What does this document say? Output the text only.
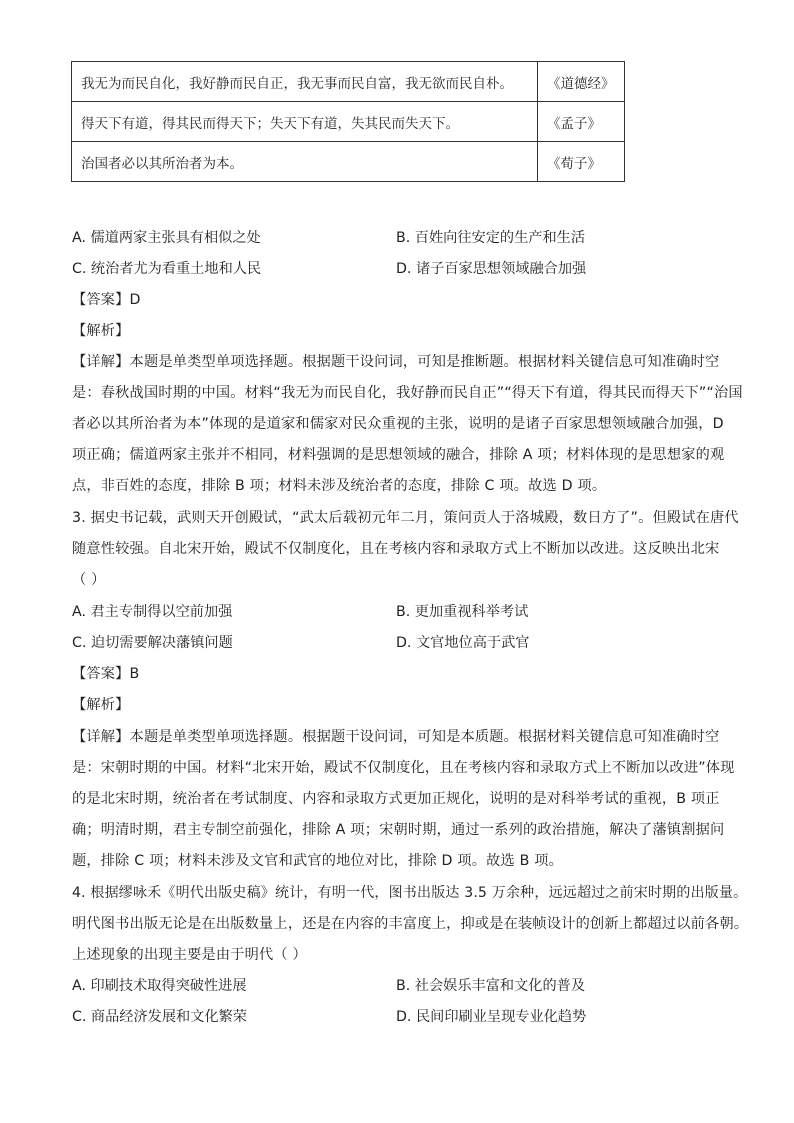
我无为而民自化，我好静而民自正，我无事而民自富，我无欲而民自朴。	《道德经》
得天下有道，得其民而得天下；失天下有道，失其民而失天下。	《孟子》
治国者必以其所治者为本。	《荀子》
A. 儒道两家主张具有相似之处	B. 百姓向往安定的生产和生活
C. 统治者尤为看重土地和人民	D. 诸子百家思想领域融合加强
【答案】D
【解析】
【详解】本题是单类型单项选择题。根据题干设问词，可知是推断题。根据材料关键信息可知准确时空
是：春秋战国时期的中国。材料“我无为而民自化，我好静而民自正”“得天下有道，得其民而得天下”“治国
者必以其所治者为本”体现的是道家和儒家对民众重视的主张，说明的是诸子百家思想领域融合加强，D
项正确；儒道两家主张并不相同，材料强调的是思想领域的融合，排除 A 项；材料体现的是思想家的观
点，非百姓的态度，排除 B 项；材料未涉及统治者的态度，排除 C 项。故选 D 项。
3. 据史书记载，武则天开创殿试，“武太后载初元年二月，策问贡人于洛城殿，数日方了”。但殿试在唐代
随意性较强。自北宋开始，殿试不仅制度化，且在考核内容和录取方式上不断加以改进。这反映出北宋
（ ）
A. 君主专制得以空前加强	B. 更加重视科举考试
C. 迫切需要解决藩镇问题	D. 文官地位高于武官
【答案】B
【解析】
【详解】本题是单类型单项选择题。根据题干设问词，可知是本质题。根据材料关键信息可知准确时空
是：宋朝时期的中国。材料“北宋开始，殿试不仅制度化，且在考核内容和录取方式上不断加以改进”体现
的是北宋时期，统治者在考试制度、内容和录取方式更加正规化，说明的是对科举考试的重视，B 项正
确；明清时期，君主专制空前强化，排除 A 项；宋朝时期，通过一系列的政治措施，解决了藩镇割据问
题，排除 C 项；材料未涉及文官和武官的地位对比，排除 D 项。故选 B 项。
4. 根据缪咏禾《明代出版史稿》统计，有明一代，图书出版达 3.5 万余种，远远超过之前宋时期的出版量。
明代图书出版无论是在出版数量上，还是在内容的丰富度上，抑或是在装帧设计的创新上都超过以前各朝。
上述现象的出现主要是由于明代（ ）
A. 印刷技术取得突破性进展	B. 社会娱乐丰富和文化的普及
C. 商品经济发展和文化繁荣	D. 民间印刷业呈现专业化趋势
